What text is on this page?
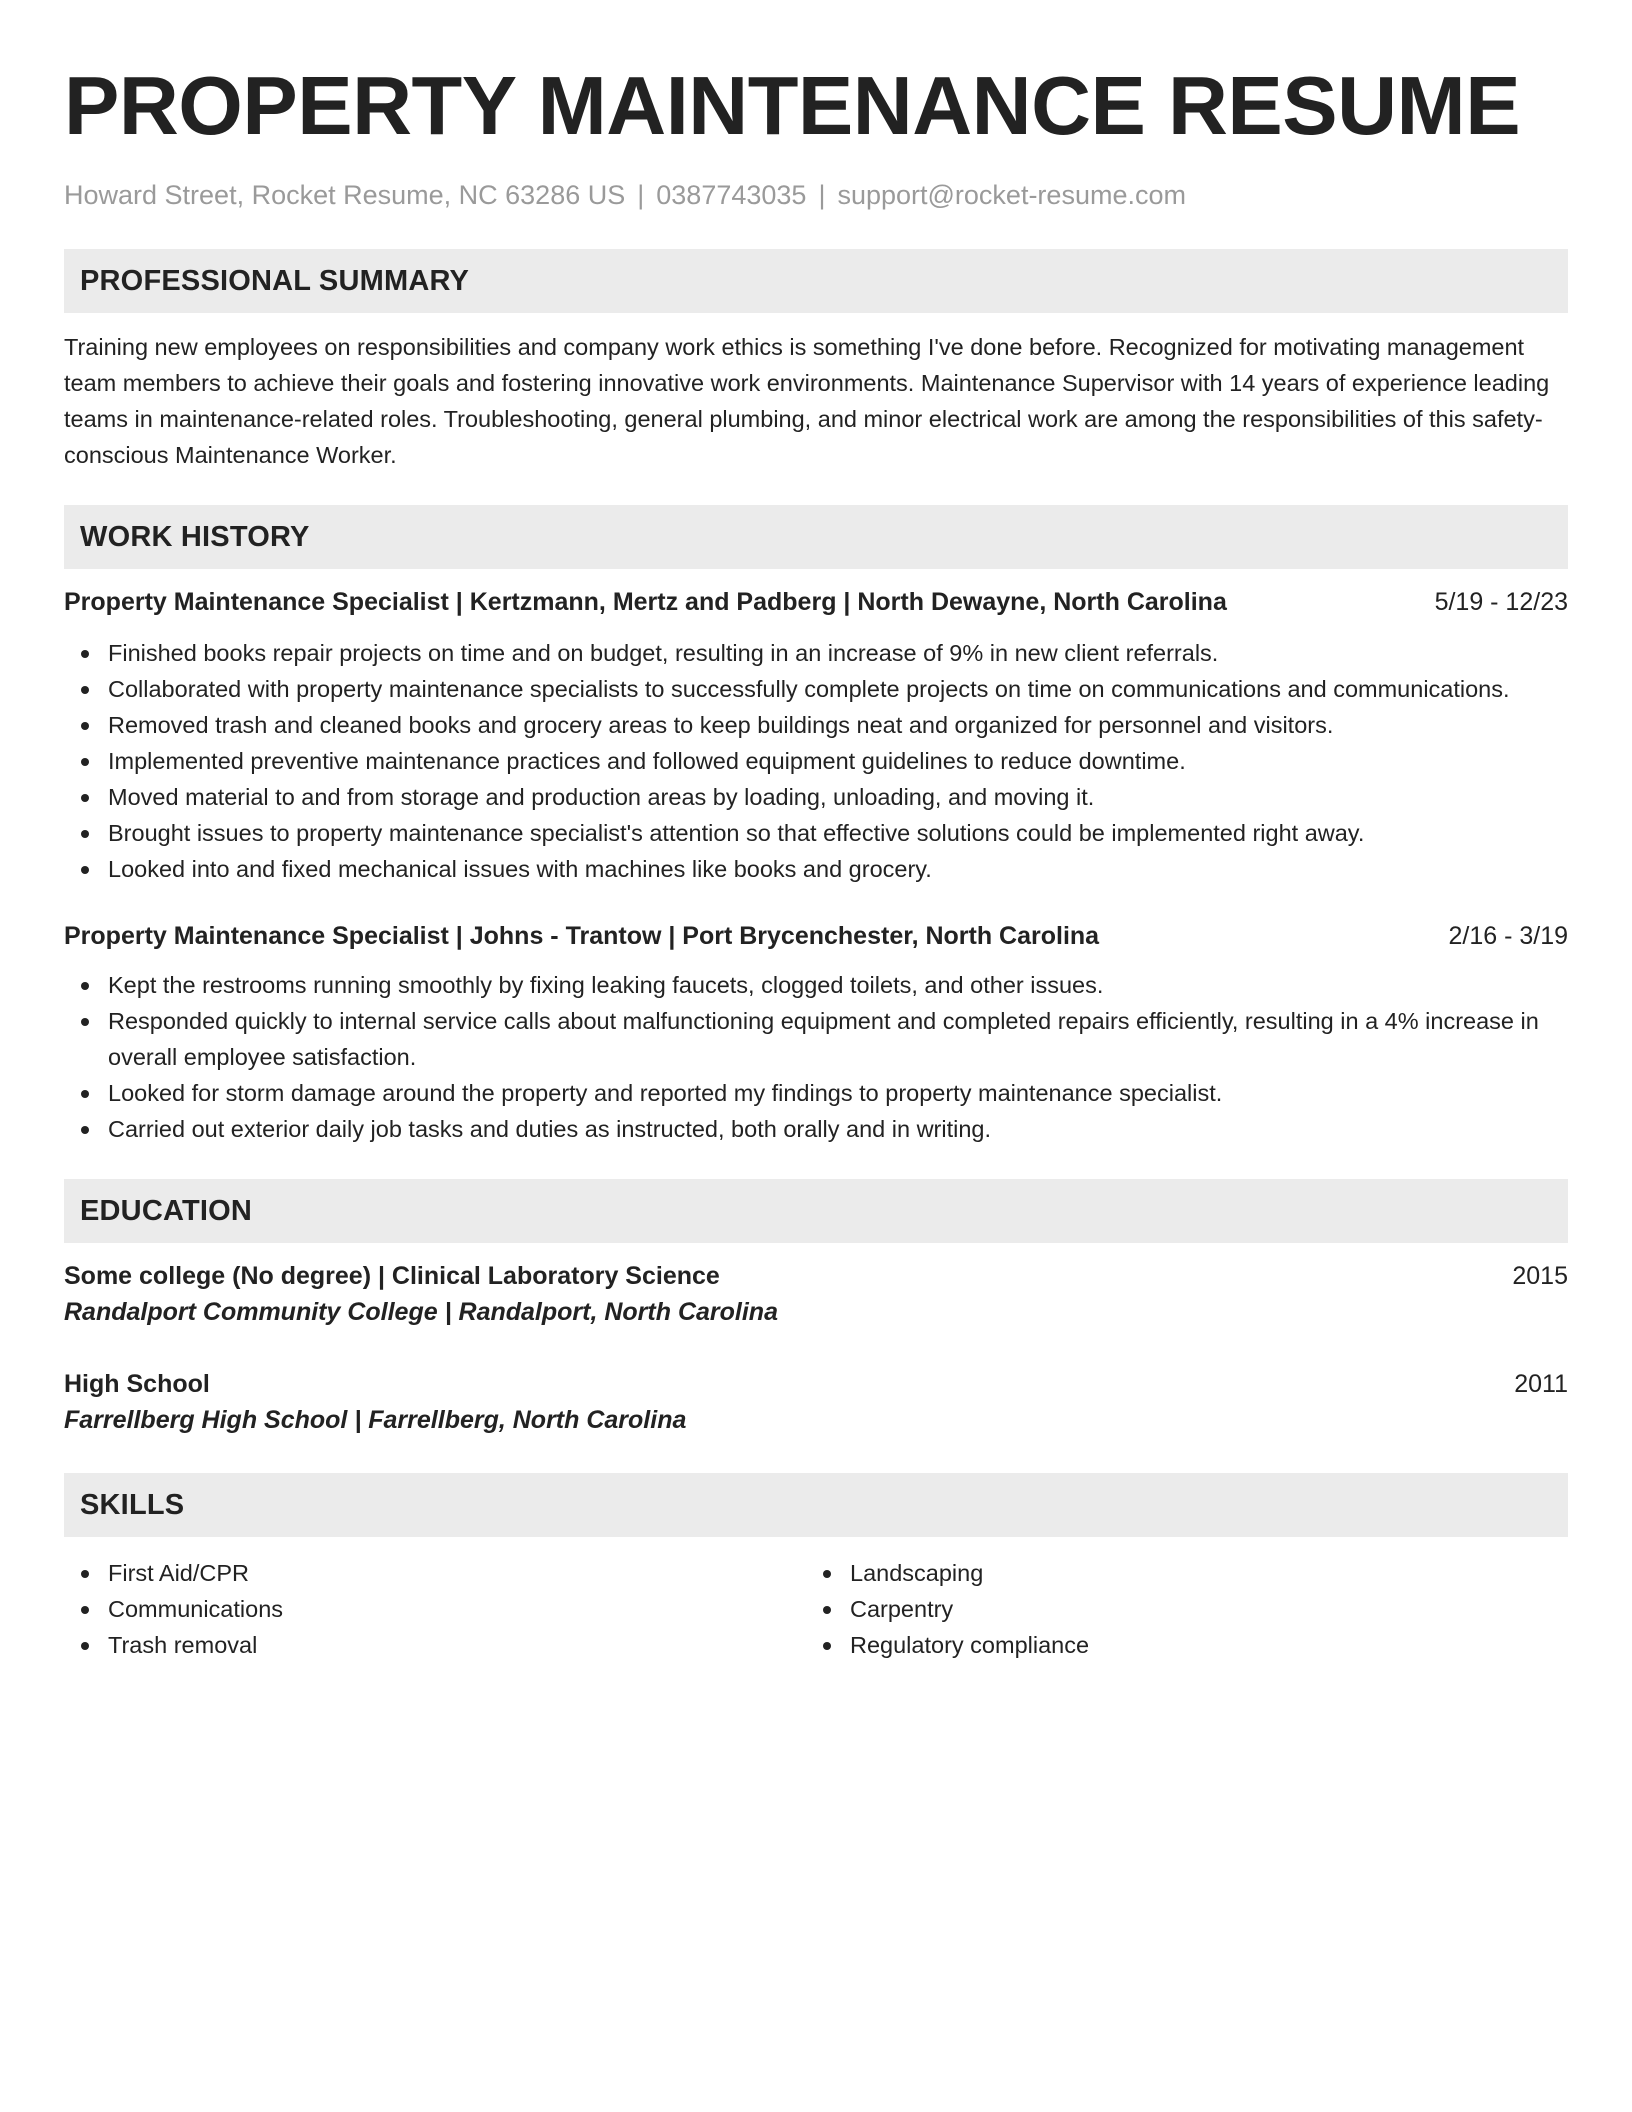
PROPERTY MAINTENANCE RESUME
Howard Street, Rocket Resume, NC 63286 US | 0387743035 | support@rocket-resume.com
PROFESSIONAL SUMMARY
Training new employees on responsibilities and company work ethics is something I've done before. Recognized for motivating management team members to achieve their goals and fostering innovative work environments. Maintenance Supervisor with 14 years of experience leading teams in maintenance-related roles. Troubleshooting, general plumbing, and minor electrical work are among the responsibilities of this safety-conscious Maintenance Worker.
WORK HISTORY
Property Maintenance Specialist | Kertzmann, Mertz and Padberg | North Dewayne, North Carolina	5/19 - 12/23
Finished books repair projects on time and on budget, resulting in an increase of 9% in new client referrals.
Collaborated with property maintenance specialists to successfully complete projects on time on communications and communications.
Removed trash and cleaned books and grocery areas to keep buildings neat and organized for personnel and visitors.
Implemented preventive maintenance practices and followed equipment guidelines to reduce downtime.
Moved material to and from storage and production areas by loading, unloading, and moving it.
Brought issues to property maintenance specialist's attention so that effective solutions could be implemented right away.
Looked into and fixed mechanical issues with machines like books and grocery.
Property Maintenance Specialist | Johns - Trantow | Port Brycenchester, North Carolina	2/16 - 3/19
Kept the restrooms running smoothly by fixing leaking faucets, clogged toilets, and other issues.
Responded quickly to internal service calls about malfunctioning equipment and completed repairs efficiently, resulting in a 4% increase in overall employee satisfaction.
Looked for storm damage around the property and reported my findings to property maintenance specialist.
Carried out exterior daily job tasks and duties as instructed, both orally and in writing.
EDUCATION
Some college (No degree) | Clinical Laboratory Science	2015
Randalport Community College | Randalport, North Carolina
High School	2011
Farrellberg High School | Farrellberg, North Carolina
SKILLS
First Aid/CPR
Communications
Trash removal
Landscaping
Carpentry
Regulatory compliance
